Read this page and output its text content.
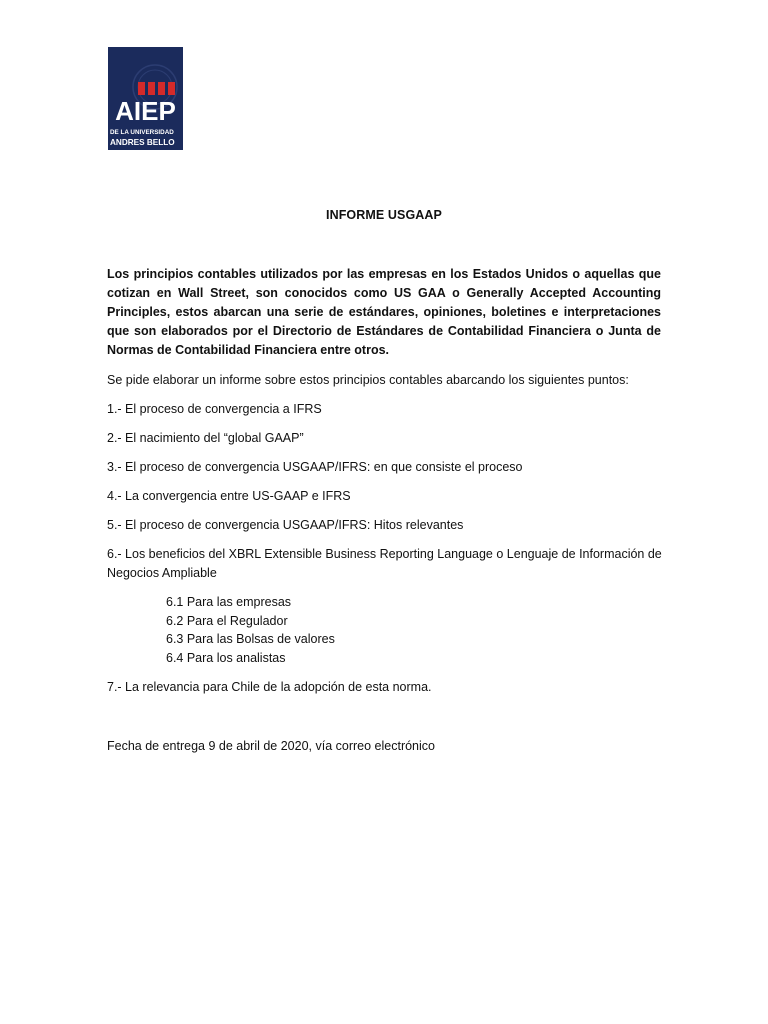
AIEP
DE LA UNIVERSIDAD
ANDRES BELLO
INFORME USGAAP
Los principios contables utilizados por las empresas en los Estados Unidos o aquellas que cotizan en Wall Street, son conocidos como US GAA o Generally Accepted Accounting Principles, estos abarcan una serie de estándares, opiniones, boletines e interpretaciones que son elaborados por el Directorio de Estándares de Contabilidad Financiera o Junta de Normas de Contabilidad Financiera entre otros.
Se pide elaborar un informe sobre estos principios contables abarcando los siguientes puntos:
1.- El proceso de convergencia a IFRS
2.- El nacimiento del “global GAAP”
3.- El proceso de convergencia USGAAP/IFRS: en que consiste el proceso
4.- La convergencia entre US-GAAP e IFRS
5.- El proceso de convergencia USGAAP/IFRS: Hitos relevantes
6.- Los beneficios del XBRL Extensible Business Reporting Language o Lenguaje de Información de Negocios Ampliable
6.1 Para las empresas
6.2 Para el Regulador
6.3 Para las Bolsas de valores
6.4 Para los analistas
7.- La relevancia para Chile de la adopción de esta norma.
Fecha de entrega 9 de abril de 2020, vía correo electrónico
